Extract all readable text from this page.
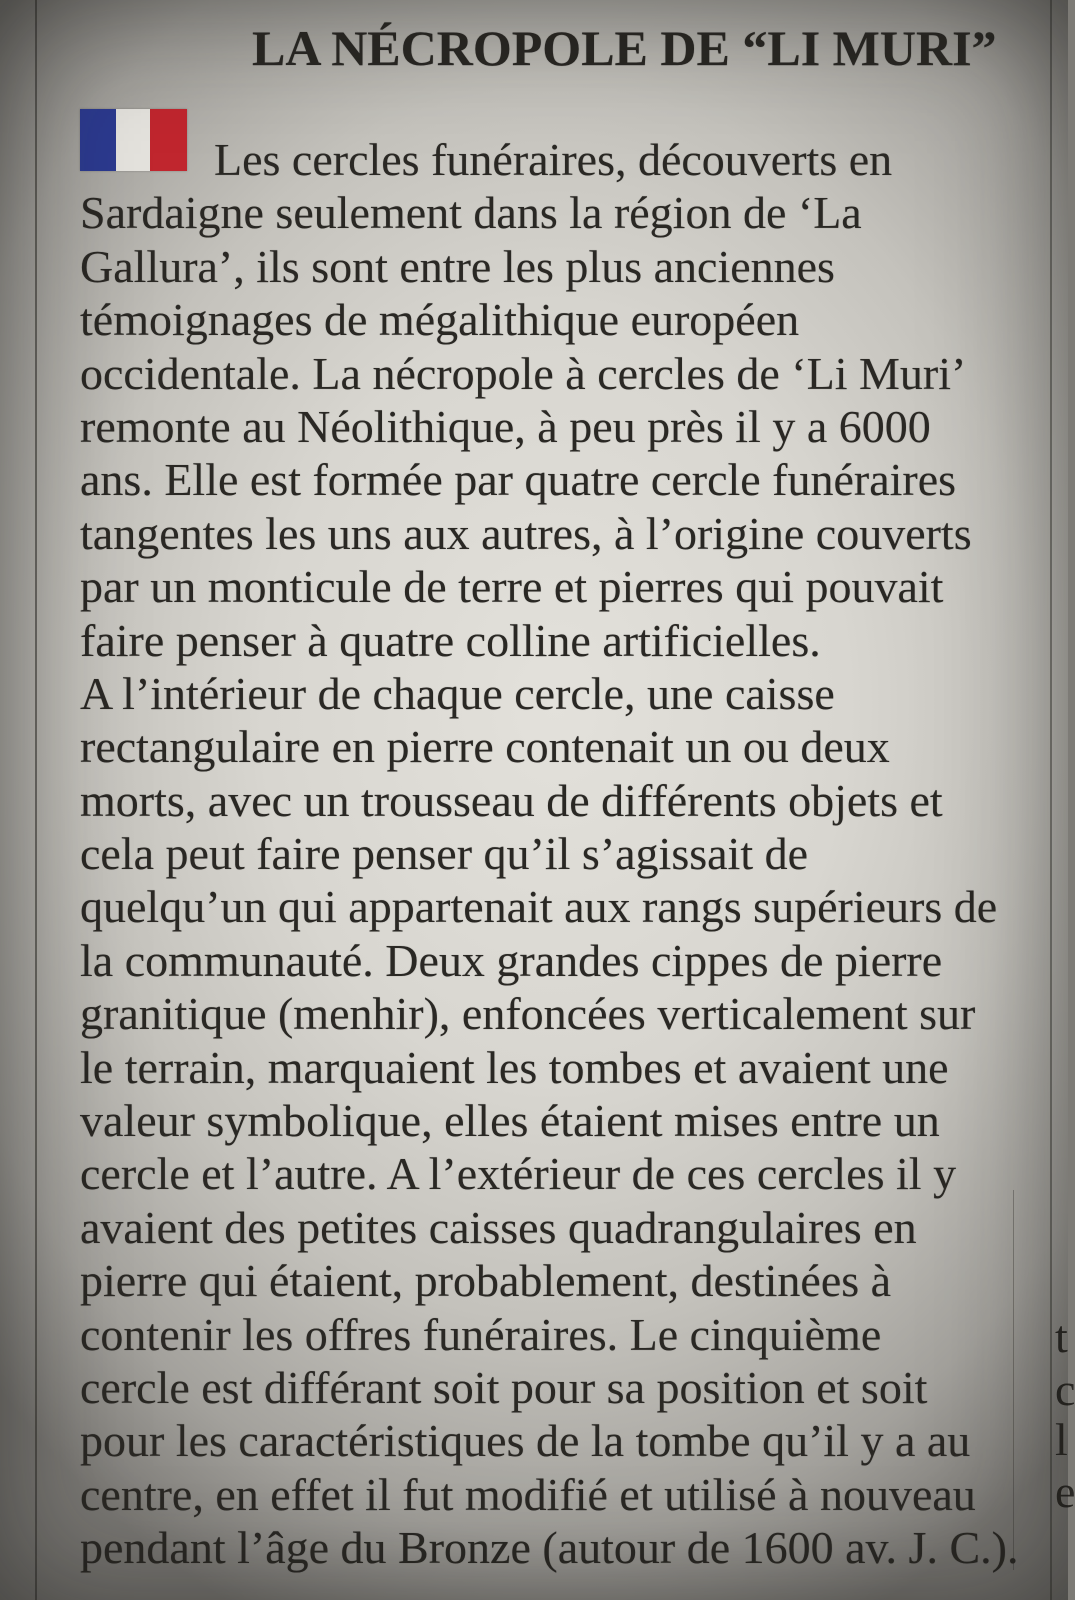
LA NÉCROPOLE DE “LI MURI”
Les cercles funéraires, découverts en
Sardaigne seulement dans la région de ‘La
Gallura’, ils sont entre les plus anciennes
témoignages de mégalithique européen
occidentale. La nécropole à cercles de ‘Li Muri’
remonte au Néolithique, à peu près il y a 6000
ans. Elle est formée par quatre cercle funéraires
tangentes les uns aux autres, à l’origine couverts
par un monticule de terre et pierres qui pouvait
faire penser à quatre colline artificielles.
A l’intérieur de chaque cercle, une caisse
rectangulaire en pierre contenait un ou deux
morts, avec un trousseau de différents objets et
cela peut faire penser qu’il s’agissait de
quelqu’un qui appartenait aux rangs supérieurs de
la communauté. Deux grandes cippes de pierre
granitique (menhir), enfoncées verticalement sur
le terrain, marquaient les tombes et avaient une
valeur symbolique, elles étaient mises entre un
cercle et l’autre. A l’extérieur de ces cercles il y
avaient des petites caisses quadrangulaires en
pierre qui étaient, probablement, destinées à
contenir les offres funéraires. Le cinquième
cercle est différant soit pour sa position et soit
pour les caractéristiques de la tombe qu’il y a au
centre, en effet il fut modifié et utilisé à nouveau
pendant l’âge du Bronze (autour de 1600 av. J. C.).
t
c
l
e
